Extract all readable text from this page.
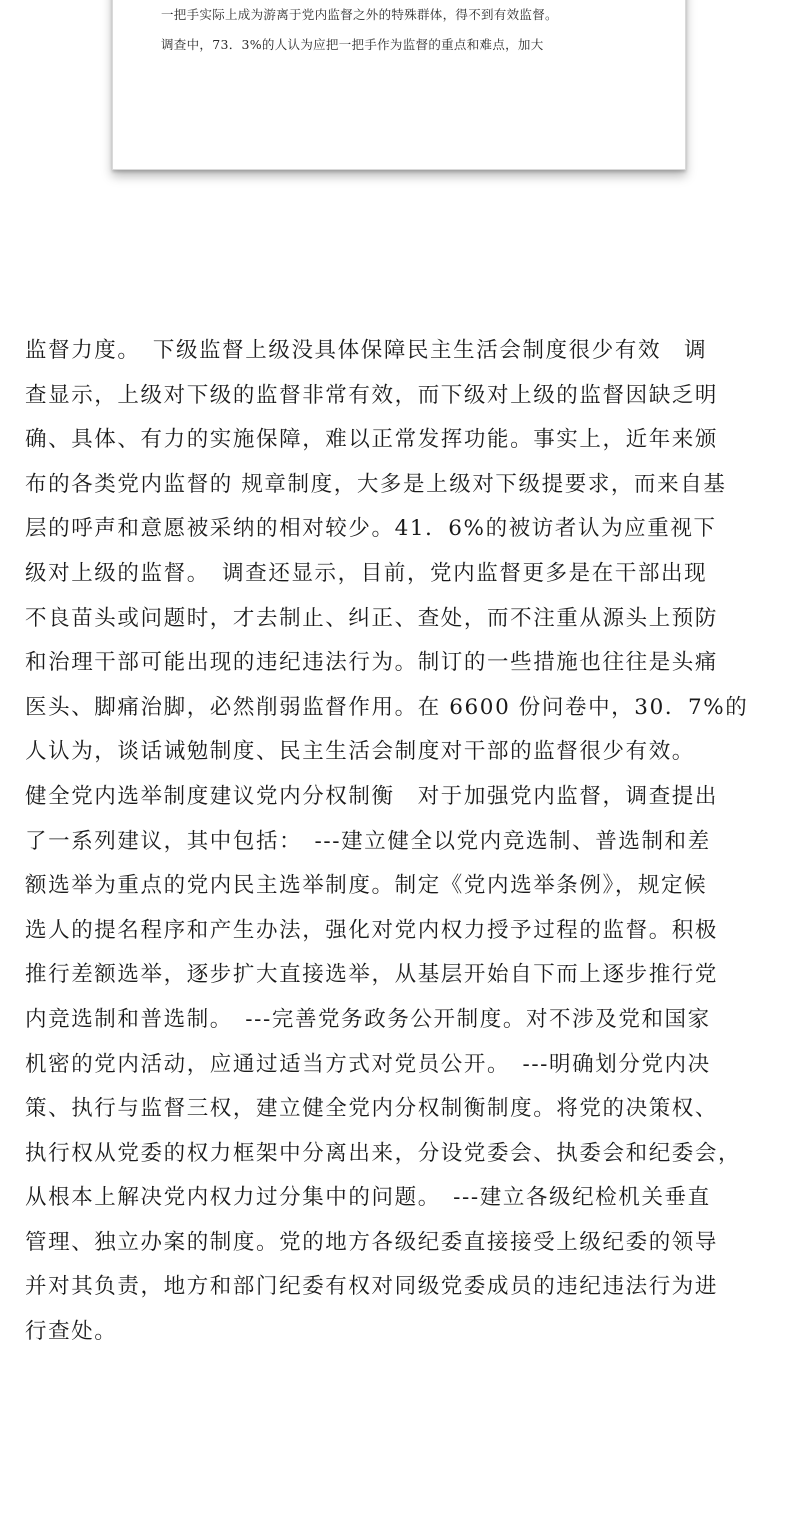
一把手实际上成为游离于党内监督之外的特殊群体，得不到有效监督。
调查中，73．3%的人认为应把一把手作为监督的重点和难点，加大
监督力度。　下级监督上级没具体保障民主生活会制度很少有效　调
查显示，上级对下级的监督非常有效，而下级对上级的监督因缺乏明
确、具体、有力的实施保障，难以正常发挥功能。事实上，近年来颁
布的各类党内监督的 规章制度，大多是上级对下级提要求，而来自基
层的呼声和意愿被采纳的相对较少。41．6%的被访者认为应重视下
级对上级的监督。　调查还显示，目前，党内监督更多是在干部出现
不良苗头或问题时，才去制止、纠正、查处，而不注重从源头上预防
和治理干部可能出现的违纪违法行为。制订的一些措施也往往是头痛
医头、脚痛治脚，必然削弱监督作用。在 6600 份问卷中，30．7%的
人认为，谈话诫勉制度、民主生活会制度对干部的监督很少有效。
健全党内选举制度建议党内分权制衡　对于加强党内监督，调查提出
了一系列建议，其中包括：　---建立健全以党内竞选制、普选制和差
额选举为重点的党内民主选举制度。制定《党内选举条例》，规定候
选人的提名程序和产生办法，强化对党内权力授予过程的监督。积极
推行差额选举，逐步扩大直接选举，从基层开始自下而上逐步推行党
内竞选制和普选制。　---完善党务政务公开制度。对不涉及党和国家
机密的党内活动，应通过适当方式对党员公开。　---明确划分党内决
策、执行与监督三权，建立健全党内分权制衡制度。将党的决策权、
执行权从党委的权力框架中分离出来，分设党委会、执委会和纪委会，
从根本上解决党内权力过分集中的问题。　---建立各级纪检机关垂直
管理、独立办案的制度。党的地方各级纪委直接接受上级纪委的领导
并对其负责，地方和部门纪委有权对同级党委成员的违纪违法行为进
行查处。
